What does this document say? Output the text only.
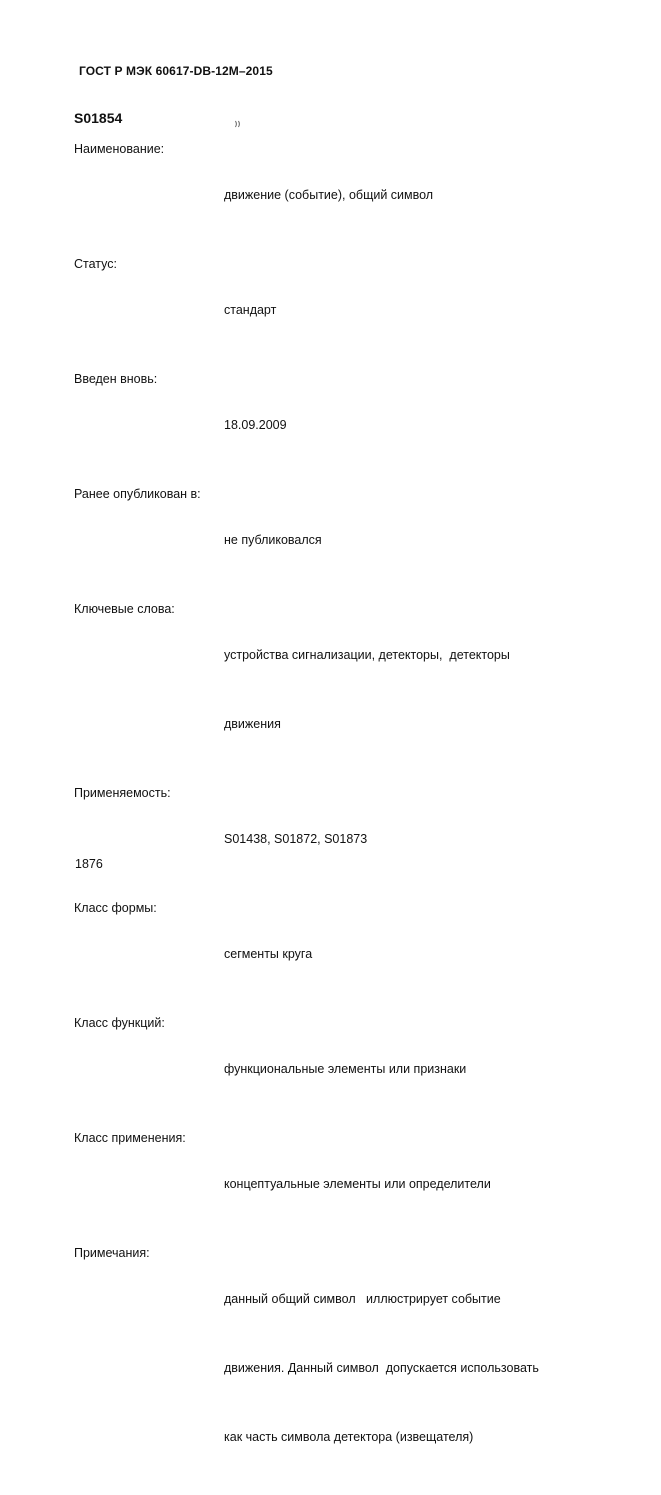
ГОСТ Р МЭК 60617-DB-12M–2015
S01854
Наименование:

движение (событие), общий символ

Статус:

стандарт

Введен вновь:

18.09.2009

Ранее опубликован в:

не публиковался

Ключевые слова:

устройства сигнализации, детекторы,  детекторы

движения

Применяемость:

S01438, S01872, S01873

Класс формы:

сегменты круга

Класс функций:

функциональные элементы или признаки

Класс применения:

концептуальные элементы или определители

Примечания:

данный общий символ   иллюстрирует событие

движения. Данный символ  допускается использовать

как часть символа детектора (извещателя)

1876
